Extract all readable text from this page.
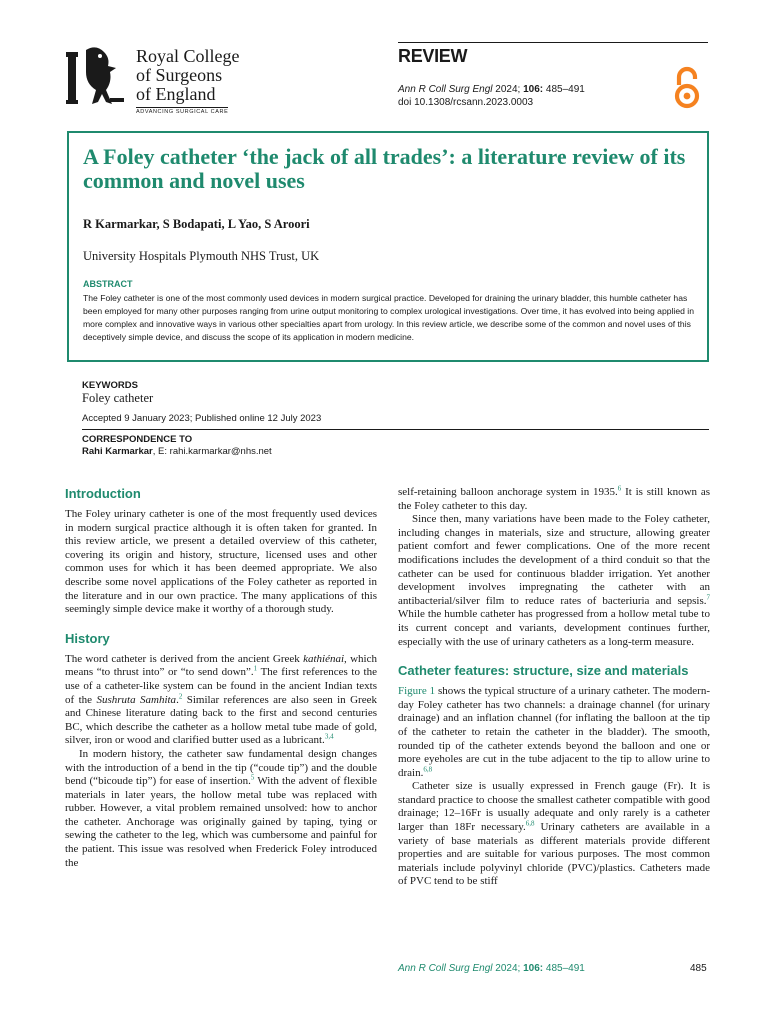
Royal College
of Surgeons
of England
ADVANCING SURGICAL CARE
REVIEW
Ann R Coll Surg Engl 2024; 106: 485–491
doi 10.1308/rcsann.2023.0003
A Foley catheter ‘the jack of all trades’: a literature review of its common and novel uses
R Karmarkar, S Bodapati, L Yao, S Aroori
University Hospitals Plymouth NHS Trust, UK
ABSTRACT

The Foley catheter is one of the most commonly used devices in modern surgical practice. Developed for draining the urinary bladder, this humble catheter has been employed for many other purposes ranging from urine output monitoring to complex urological investigations. Over time, it has evolved into being applied in more complex and innovative ways in various other specialties apart from urology. In this review article, we describe some of the common and novel uses of this deceptively simple device, and discuss the scope of its application in modern medicine.

KEYWORDS
Foley catheter
Accepted 9 January 2023; Published online 12 July 2023
CORRESPONDENCE TO
Rahi Karmarkar, E: rahi.karmarkar@nhs.net
Introduction

The Foley urinary catheter is one of the most frequently used devices in modern surgical practice although it is often taken for granted. In this review article, we present a detailed overview of this catheter, covering its origin and history, structure, licensed uses and other common uses for which it has been deemed appropriate. We also describe some novel applications of the Foley catheter as reported in the literature and in our own practice. The many applications of this seemingly simple device make it worthy of a thorough study.

History

The word catheter is derived from the ancient Greek kathiénai, which means “to thrust into” or “to send down”.$^1$ The first references to the use of a catheter-like system can be found in the ancient Indian texts of the Sushruta Samhita.$^2$ Similar references are also seen in Greek and Chinese literature dating back to the first and second centuries BC, which describe the catheter as a hollow metal tube made of gold, silver, iron or wood and clarified butter used as a lubricant.$^{3,4}$

In modern history, the catheter saw fundamental design changes with the introduction of a bend in the tip (“coude tip”) and the double bend (“bicoude tip”) for ease of insertion.$^5$ With the advent of flexible materials in later years, the hollow metal tube was replaced with rubber. However, a vital problem remained unsolved: how to anchor the catheter. Anchorage was originally gained by taping, tying or sewing the catheter to the leg, which was cumbersome and painful for the patient. This issue was resolved when Frederick Foley introduced the

self-retaining balloon anchorage system in 1935.$^6$ It is still known as the Foley catheter to this day.

Since then, many variations have been made to the Foley catheter, including changes in materials, size and structure, allowing greater patient comfort and fewer complications. One of the more recent modifications includes the development of a third conduit so that the catheter can be used for continuous bladder irrigation. Yet another development involves impregnating the catheter with an antibacterial/silver film to reduce rates of bacteriuria and sepsis.$^7$ While the humble catheter has progressed from a hollow metal tube to its current concept and variants, development continues further, especially with the use of urinary catheters as a long-term measure.

Catheter features: structure, size and materials

Figure 1 shows the typical structure of a urinary catheter. The modern-day Foley catheter has two channels: a drainage channel (for urinary drainage) and an inflation channel (for inflating the balloon at the tip of the catheter to retain the catheter in the bladder). The smooth, rounded tip of the catheter extends beyond the balloon and one or more eyeholes are cut in the tube adjacent to the tip to allow urine to drain.$^{6,8}$

Catheter size is usually expressed in French gauge (Fr). It is standard practice to choose the smallest catheter compatible with good drainage; 12–16Fr is usually adequate and only rarely is a catheter larger than 18Fr necessary.$^{6,8}$ Urinary catheters are available in a variety of base materials as different materials provide different properties and are suitable for various purposes. The most common materials include polyvinyl chloride (PVC)/plastics. Catheters made of PVC tend to be stiff

Ann R Coll Surg Engl 2024; 106: 485–491	485
